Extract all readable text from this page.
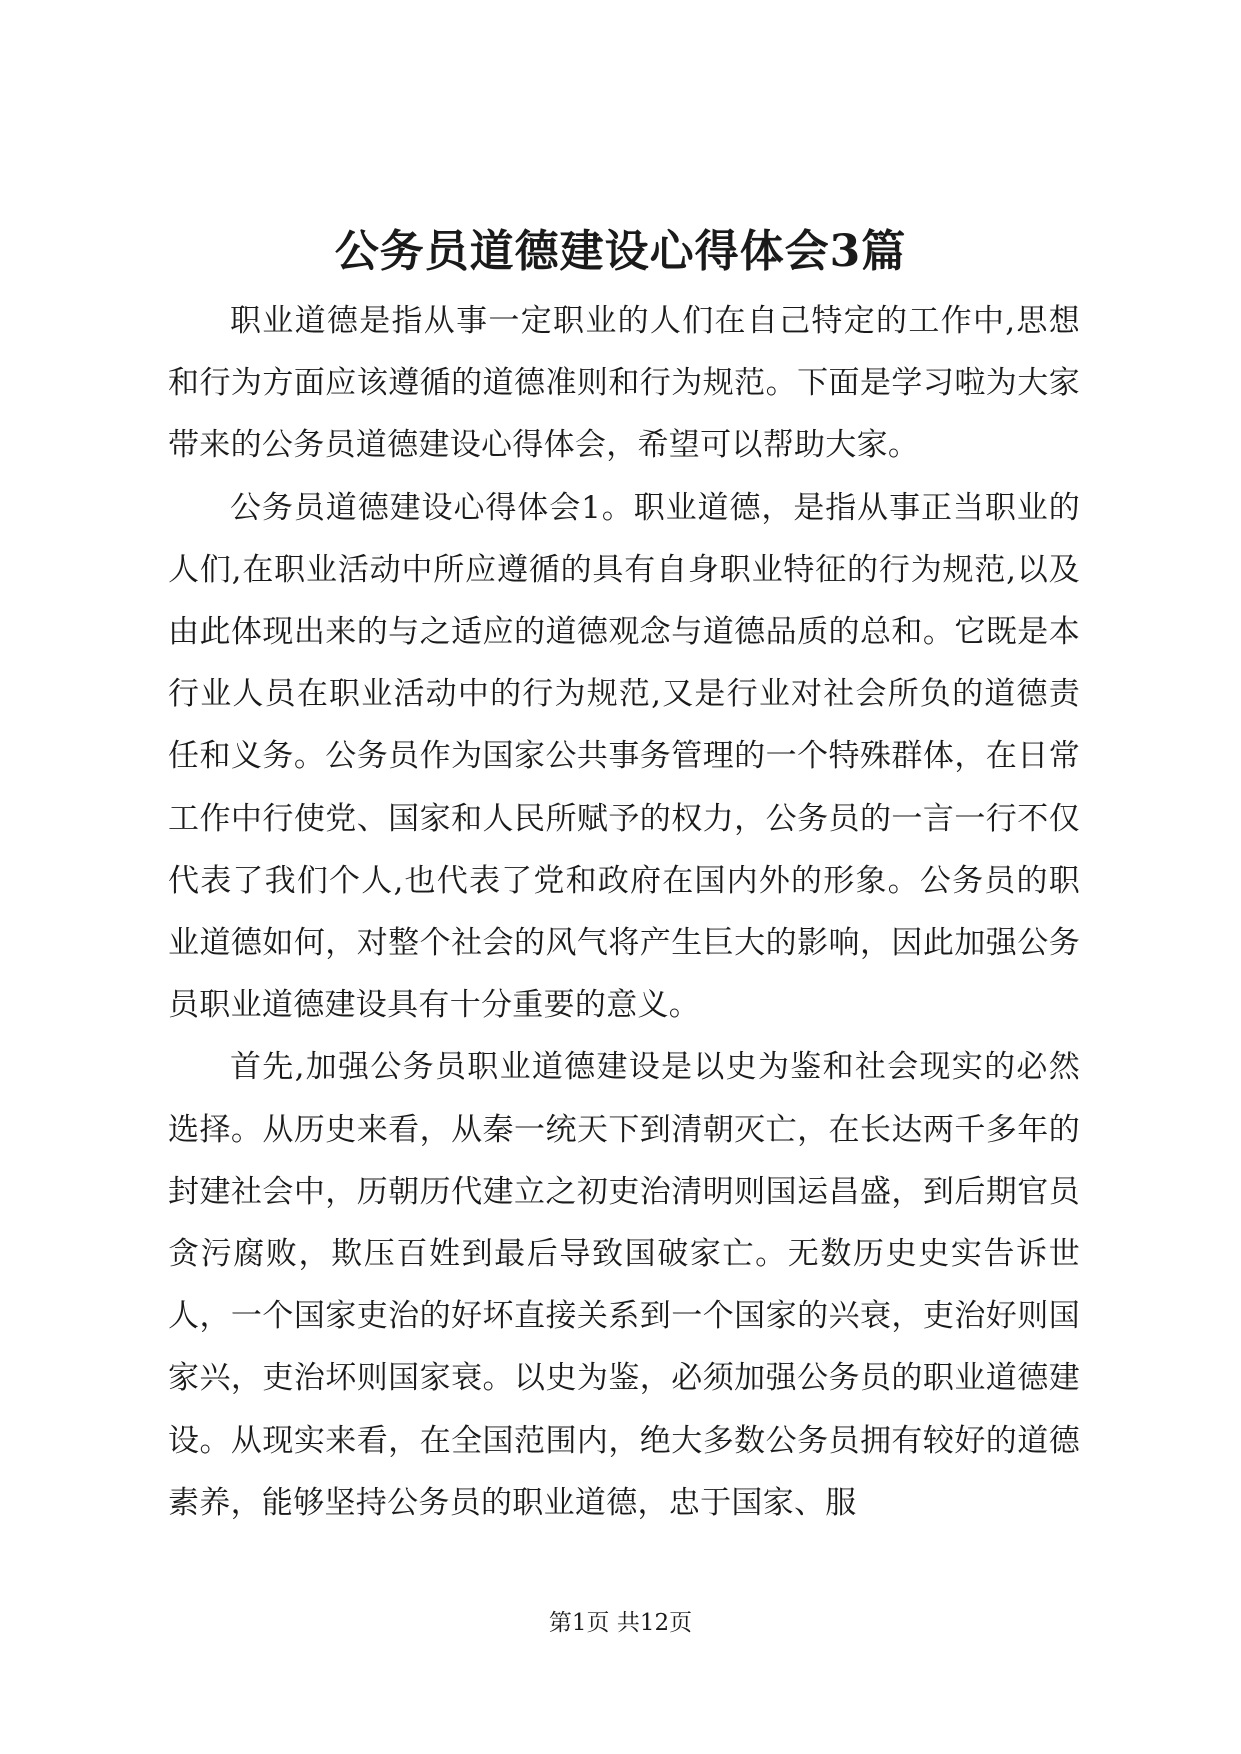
公务员道德建设心得体会3篇

职业道德是指从事一定职业的人们在自己特定的工作中,思想和行为方面应该遵循的道德准则和行为规范。下面是学习啦为大家带来的公务员道德建设心得体会，希望可以帮助大家。

公务员道德建设心得体会1。职业道德，是指从事正当职业的人们,在职业活动中所应遵循的具有自身职业特征的行为规范,以及由此体现出来的与之适应的道德观念与道德品质的总和。它既是本行业人员在职业活动中的行为规范,又是行业对社会所负的道德责任和义务。公务员作为国家公共事务管理的一个特殊群体，在日常工作中行使党、国家和人民所赋予的权力，公务员的一言一行不仅代表了我们个人,也代表了党和政府在国内外的形象。公务员的职业道德如何，对整个社会的风气将产生巨大的影响，因此加强公务员职业道德建设具有十分重要的意义。

首先,加强公务员职业道德建设是以史为鉴和社会现实的必然选择。从历史来看，从秦一统天下到清朝灭亡，在长达两千多年的封建社会中，历朝历代建立之初吏治清明则国运昌盛，到后期官员贪污腐败，欺压百姓到最后导致国破家亡。无数历史史实告诉世人，一个国家吏治的好坏直接关系到一个国家的兴衰，吏治好则国家兴，吏治坏则国家衰。以史为鉴，必须加强公务员的职业道德建设。从现实来看，在全国范围内，绝大多数公务员拥有较好的道德素养，能够坚持公务员的职业道德，忠于国家、服

第1页 共12页
